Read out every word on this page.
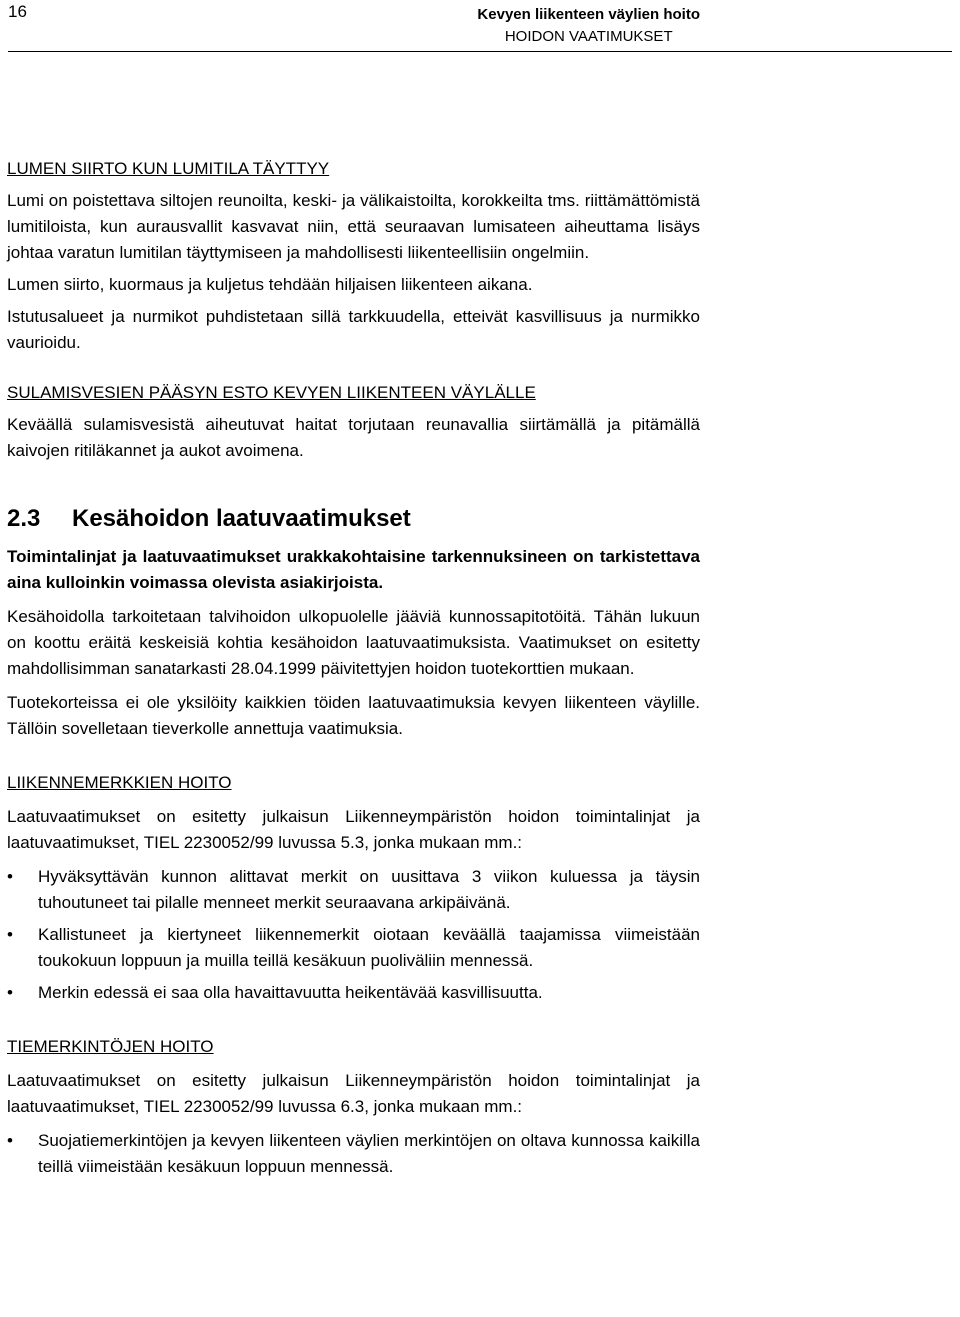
16	Kevyen liikenteen väylien hoito
HOIDON VAATIMUKSET

LUMEN SIIRTO KUN LUMITILA TÄYTTYY

Lumi on poistettava siltojen reunoilta, keski- ja välikaistoilta, korokkeilta tms. riittämättömistä lumitiloista, kun aurausvallit kasvavat niin, että seuraavan lumisateen aiheuttama lisäys johtaa varatun lumitilan täyttymiseen ja mahdollisesti liikenteellisiin ongelmiin.

Lumen siirto, kuormaus ja kuljetus tehdään hiljaisen liikenteen aikana.

Istutusalueet ja nurmikot puhdistetaan sillä tarkkuudella, etteivät kasvillisuus ja nurmikko vaurioidu.

SULAMISVESIEN PÄÄSYN ESTO KEVYEN LIIKENTEEN VÄYLÄLLE

Keväällä sulamisvesistä aiheutuvat haitat torjutaan reunavallia siirtämällä ja pitämällä kaivojen ritiläkannet ja aukot avoimena.

2.3 Kesähoidon laatuvaatimukset

Toimintalinjat ja laatuvaatimukset urakkakohtaisine tarkennuksineen on tarkistettava aina kulloinkin voimassa olevista asiakirjoista.

Kesähoidolla tarkoitetaan talvihoidon ulkopuolelle jääviä kunnossapitotöitä. Tähän lukuun on koottu eräitä keskeisiä kohtia kesähoidon laatuvaatimuksista. Vaatimukset on esitetty mahdollisimman sanatarkasti 28.04.1999 päivitettyjen hoidon tuotekorttien mukaan.

Tuotekorteissa ei ole yksilöity kaikkien töiden laatuvaatimuksia kevyen liikenteen väylille. Tällöin sovelletaan tieverkolle annettuja vaatimuksia.

LIIKENNEMERKKIEN HOITO

Laatuvaatimukset on esitetty julkaisun Liikenneympäristön hoidon toimintalinjat ja laatuvaatimukset, TIEL 2230052/99 luvussa 5.3, jonka mukaan mm.:

• Hyväksyttävän kunnon alittavat merkit on uusittava 3 viikon kuluessa ja täysin tuhoutuneet tai pilalle menneet merkit seuraavana arkipäivänä.
• Kallistuneet ja kiertyneet liikennemerkit oiotaan keväällä taajamissa viimeistään toukokuun loppuun ja muilla teillä kesäkuun puoliväliin mennessä.
• Merkin edessä ei saa olla havaittavuutta heikentävää kasvillisuutta.

TIEMERKINTÖJEN HOITO

Laatuvaatimukset on esitetty julkaisun Liikenneympäristön hoidon toimintalinjat ja laatuvaatimukset, TIEL 2230052/99 luvussa 6.3, jonka mukaan mm.:

• Suojatiemerkintöjen ja kevyen liikenteen väylien merkintöjen on oltava kunnossa kaikilla teillä viimeistään kesäkuun loppuun mennessä.
